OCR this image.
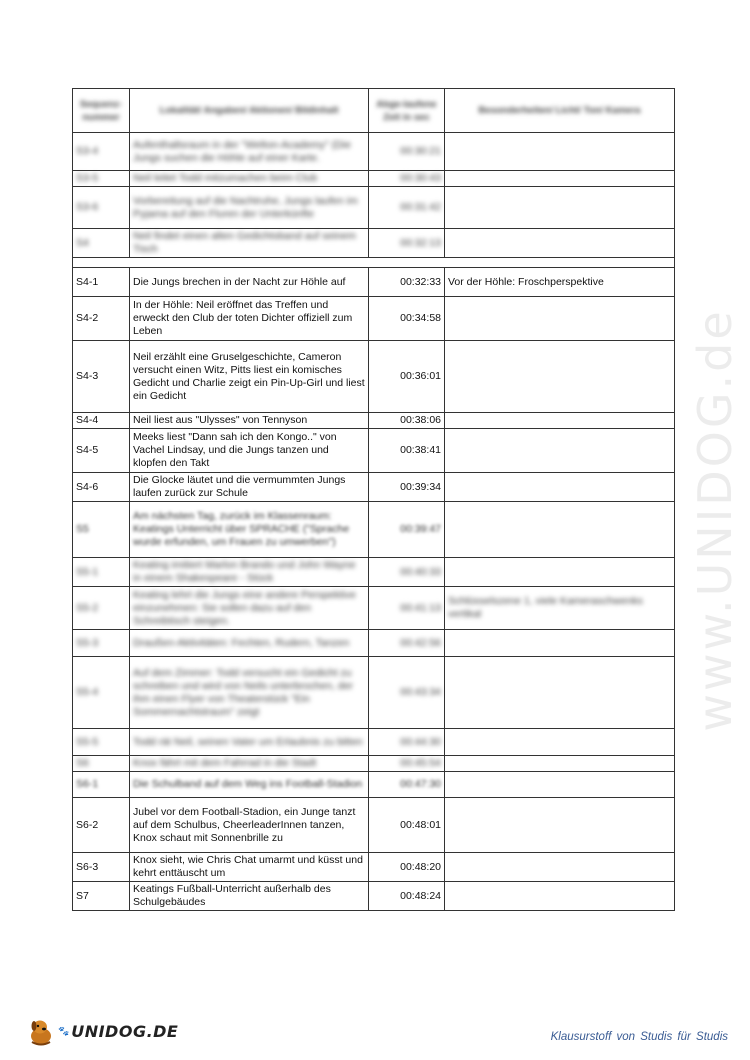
www.UNIDOG.de
Sequenz-nummer	Lokalität/ Angaben/ Aktionen/ Bildinhalt	Abge-laufene Zeit in sec	Besonderheiten/ Licht/ Ton/ Kamera
S3-4	Aufenthaltsraum in der "Welton-Academy" (Die Jungs suchen die Höhle auf einer Karte.	00:30:21	
S3-5	Neil leitet Todd mitzumachen beim Club	00:30:43	
S3-6	Vorbereitung auf die Nachtruhe, Jungs laufen im Pyjama auf den Fluren der Unterkünfte	00:31:42	
S4	Neil findet einen alten Gedichtsband auf seinem Tisch	00:32:13	

S4-1	Die Jungs brechen in der Nacht zur Höhle auf	00:32:33	Vor der Höhle: Froschperspektive
S4-2	In der Höhle: Neil eröffnet das Treffen und erweckt den Club der toten Dichter offiziell zum Leben	00:34:58	
S4-3	Neil erzählt eine Gruselgeschichte, Cameron versucht einen Witz, Pitts liest ein komisches Gedicht und Charlie zeigt ein Pin-Up-Girl und liest ein Gedicht	00:36:01	
S4-4	Neil liest aus "Ulysses" von Tennyson	00:38:06	
S4-5	Meeks liest "Dann sah ich den Kongo.." von Vachel Lindsay, und die Jungs tanzen und klopfen den Takt	00:38:41	
S4-6	Die Glocke läutet und die vermummten Jungs laufen zurück zur Schule	00:39:34	
S5	Am nächsten Tag, zurück im Klassenraum: Keatings Unterricht über SPRACHE ("Sprache wurde erfunden, um Frauen zu umwerben")	00:39:47	
S5-1	Keating imitiert Marlon Brando und John Wayne in einem Shakespeare - Stück	00:40:33	
S5-2	Keating lehrt die Jungs eine andere Perspektive einzunehmen: Sie sollen dazu auf den Schreibtisch steigen.	00:41:13	Schlüsselszene 1, viele Kameraschwenks vertikal
S5-3	Draußen-Aktivitäten: Fechten, Rudern, Tanzen	00:42:56	
S5-4	Auf dem Zimmer: Todd versucht ein Gedicht zu schreiben und wird von Neils unterbrochen, der ihm einen Flyer von Theaterstück "Ein Sommernachtstraum" zeigt	00:43:34	
S5-5	Todd rät Neil, seinen Vater um Erlaubnis zu bitten	00:44:30	
S6	Knox fährt mit dem Fahrrad in die Stadt	00:45:54	
S6-1	Die Schulband auf dem Weg ins Football-Stadion	00:47:30	
S6-2	Jubel vor dem Football-Stadion, ein Junge tanzt auf dem Schulbus, CheerleaderInnen tanzen, Knox schaut mit Sonnenbrille zu	00:48:01	
S6-3	Knox sieht, wie Chris Chat umarmt und küsst und kehrt enttäuscht um	00:48:20	
S7	Keatings Fußball-Unterricht außerhalb des Schulgebäudes	00:48:24	
🐾 UNIDOG.DE	Klausurstoff von Studis für Studis
